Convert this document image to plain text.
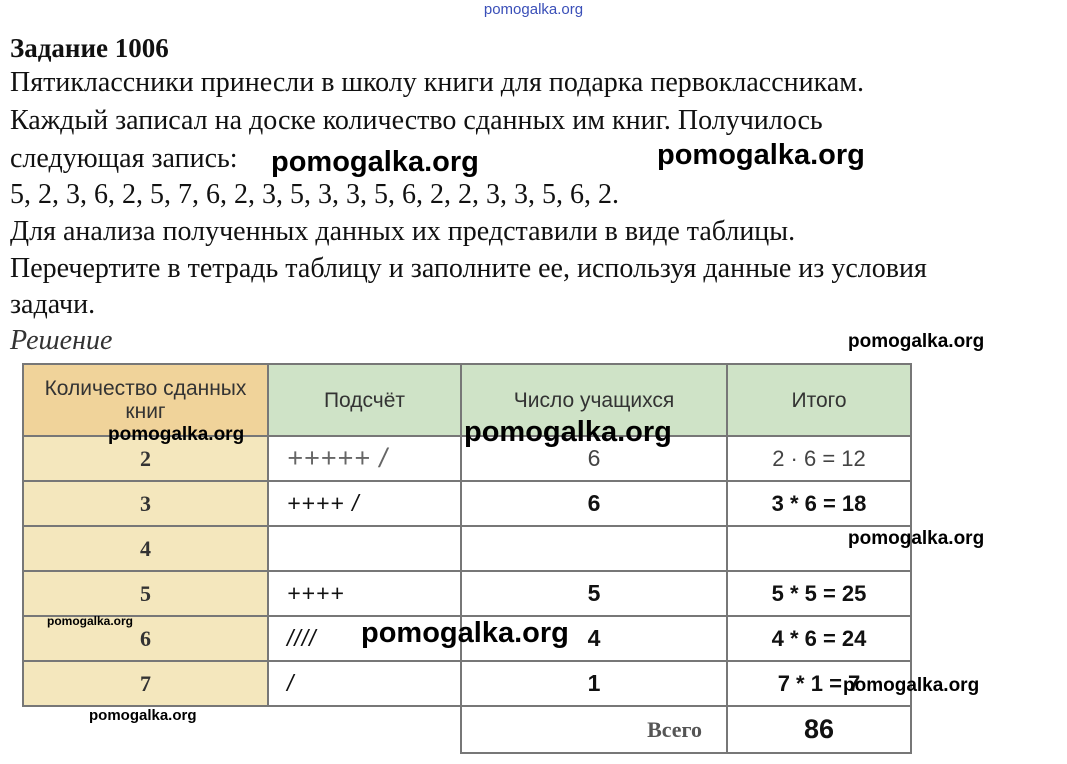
pomogalka.org
Задание 1006
Пятиклассники принесли в школу книги для подарка первоклассникам.
Каждый записал на доске количество сданных им книг. Получилось
следующая запись:
5, 2, 3, 6, 2, 5, 7, 6, 2, 3, 5, 3, 3, 5, 6, 2, 2, 3, 3, 5, 6, 2.
Для анализа полученных данных их представили в виде таблицы.
Перечертите в тетрадь таблицу и заполните ее, используя данные из условия
задачи.
Решение
Количество сданных книг	Подсчёт	Число учащихся	Итого
2	+++++ /	6	2 · 6 = 12
3	++++ /	6	3 * 6 = 18
4			
5	++++	5	5 * 5 = 25
6	////	4	4 * 6 = 24
7	/	1	7 * 1 = 7
		Всего	86
pomogalka.org	pomogalka.org
pomogalka.org
pomogalka.org	pomogalka.org
pomogalka.org
pomogalka.org	pomogalka.org
pomogalka.org
pomogalka.org
